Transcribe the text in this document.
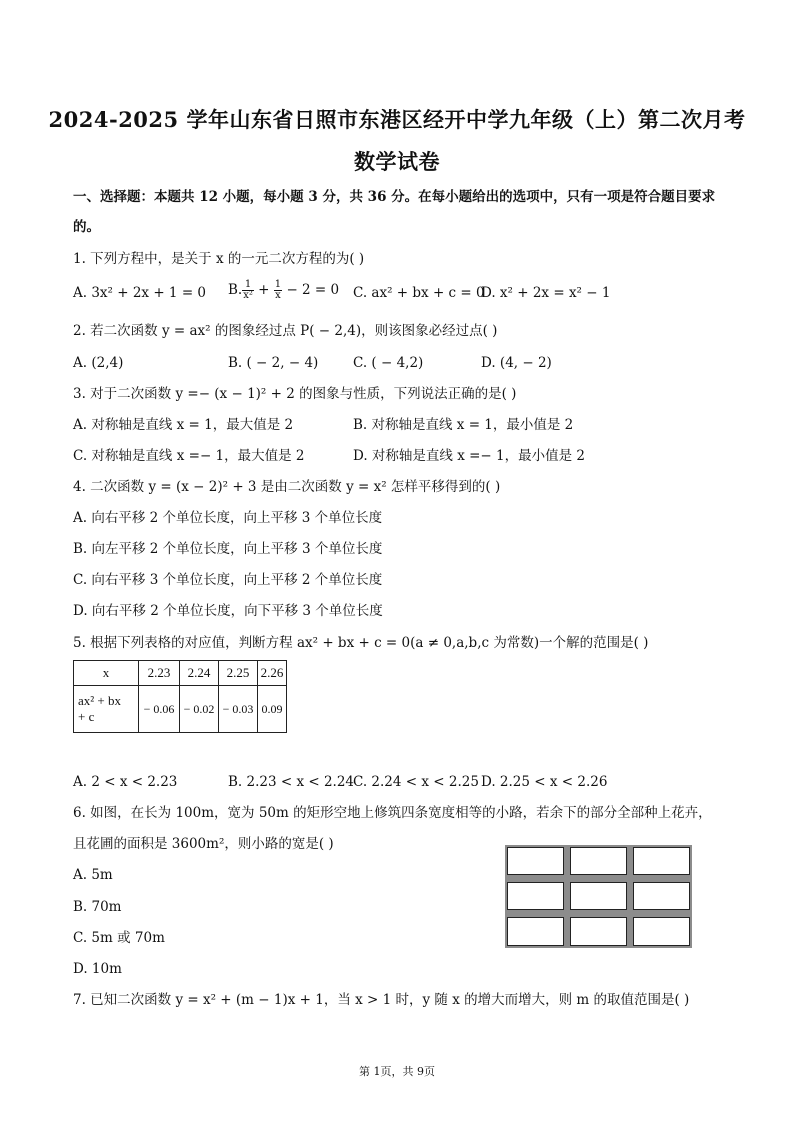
2024-2025 学年山东省日照市东港区经开中学九年级（上）第二次月考
数学试卷
一、选择题：本题共 12 小题，每小题 3 分，共 36 分。在每小题给出的选项中，只有一项是符合题目要求
的。
1. 下列方程中，是关于 x 的一元二次方程的为( )
A. 3x² + 2x + 1 = 0 B. $\frac{1}{\text{x²}} + \frac{1}{x} - 2 = 0$ C. ax² + bx + c = 0
D. x² + 2x = x² − 1
2. 若二次函数 y = ax² 的图象经过点 P( − 2,4)，则该图象必经过点( )
A. (2,4)	B. ( − 2, − 4)	C. ( − 4,2)	D. (4, − 2)
3. 对于二次函数 y =− (x − 1)² + 2 的图象与性质，下列说法正确的是( )
A. 对称轴是直线 x = 1，最大值是 2	B. 对称轴是直线 x = 1，最小值是 2
C. 对称轴是直线 x =− 1，最大值是 2	D. 对称轴是直线 x =− 1，最小值是 2
4. 二次函数 y = (x − 2)² + 3 是由二次函数 y = x² 怎样平移得到的( )
A. 向右平移 2 个单位长度，向上平移 3 个单位长度
B. 向左平移 2 个单位长度，向上平移 3 个单位长度
C. 向右平移 3 个单位长度，向上平移 2 个单位长度
D. 向右平移 2 个单位长度，向下平移 3 个单位长度
5. 根据下列表格的对应值，判断方程 ax² + bx + c = 0(a ≠ 0,a,b,c 为常数)一个解的范围是( )
x	2.23	2.24	2.25	2.26
ax² + bx
+ c	− 0.06	− 0.02	− 0.03	0.09
A. 2 < x < 2.23	B. 2.23 < x < 2.24
C. 2.24 < x < 2.25 D. 2.25 < x < 2.26
6. 如图，在长为 100m，宽为 50m 的矩形空地上修筑四条宽度相等的小路，若余下的部分全部种上花卉，
且花圃的面积是 3600m²，则小路的宽是( )
A. 5m
B. 70m
C. 5m 或 70m
D. 10m
7. 已知二次函数 y = x² + (m − 1)x + 1，当 x > 1 时，y 随 x 的增大而增大，则 m 的取值范围是( )
第 1页，共 9页
